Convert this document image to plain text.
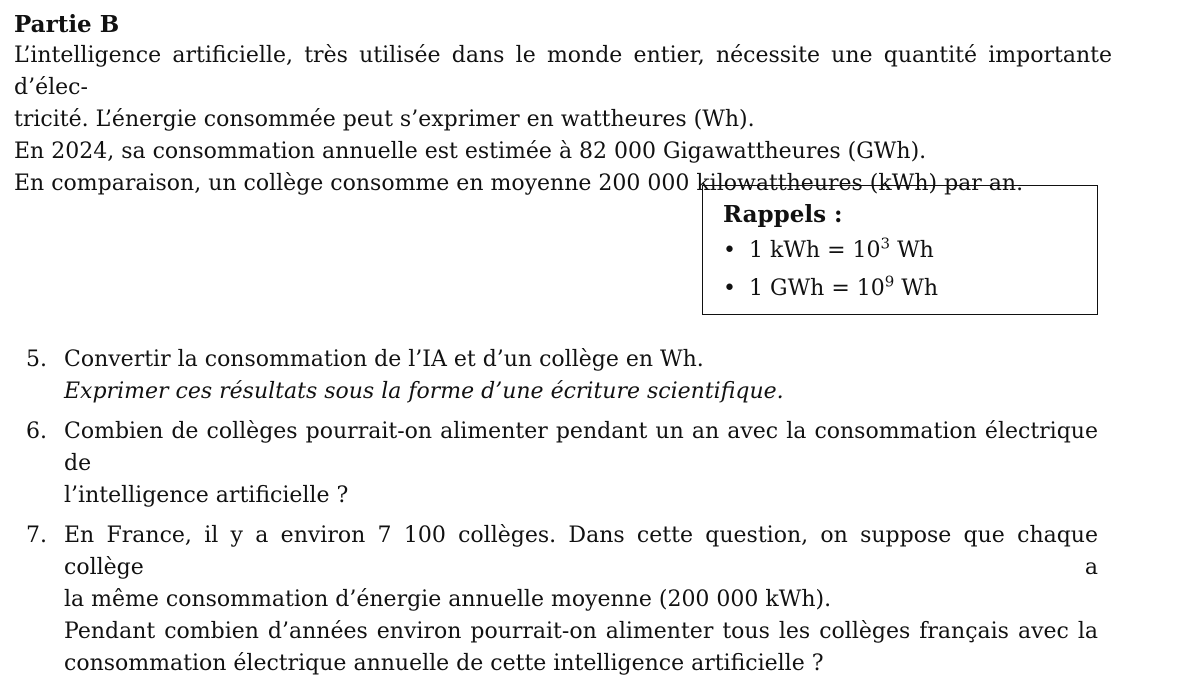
Partie B

L’intelligence artificielle, très utilisée dans le monde entier, nécessite une quantité importante d’élec-

tricité. L’énergie consommée peut s’exprimer en wattheures (Wh).

En 2024, sa consommation annuelle est estimée à 82 000 Gigawattheures (GWh).

En comparaison, un collège consomme en moyenne 200 000 kilowattheures (kWh) par an.

Rappels :
• 1 kWh = $10^3$ Wh
• 1 GWh = $10^9$ Wh
5. Convertir la consommation de l’IA et d’un collège en Wh.

Exprimer ces résultats sous la forme d’une écriture scientifique.

6. Combien de collèges pourrait-on alimenter pendant un an avec la consommation électrique de

l’intelligence artificielle ?

7. En France, il y a environ 7 100 collèges. Dans cette question, on suppose que chaque collège a

la même consommation d’énergie annuelle moyenne (200 000 kWh).

Pendant combien d’années environ pourrait-on alimenter tous les collèges français avec la

consommation électrique annuelle de cette intelligence artificielle ?
